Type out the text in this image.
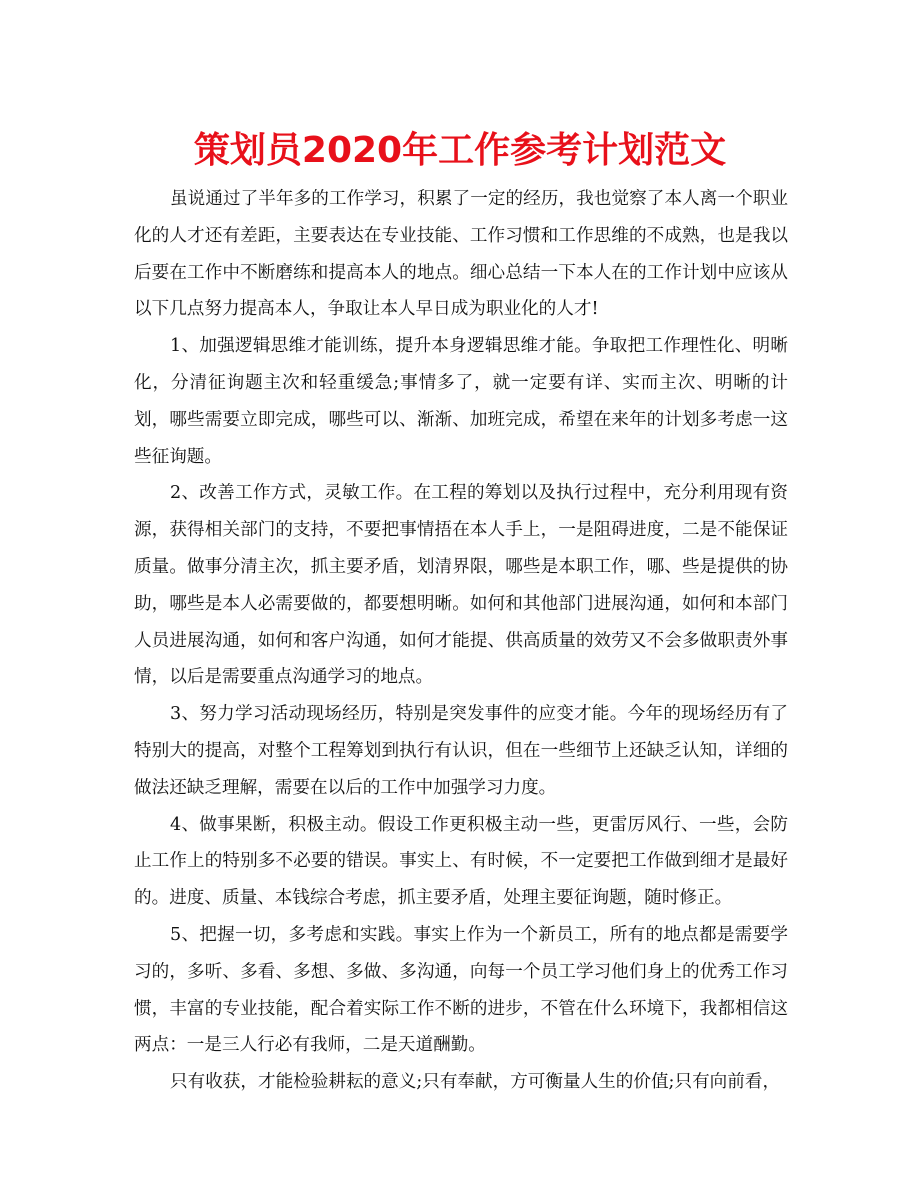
策划员2020年工作参考计划范文

虽说通过了半年多的工作学习，积累了一定的经历，我也觉察了本人离一个职业化的人才还有差距，主要表达在专业技能、工作习惯和工作思维的不成熟，也是我以后要在工作中不断磨练和提高本人的地点。细心总结一下本人在的工作计划中应该从以下几点努力提高本人，争取让本人早日成为职业化的人才!

1、加强逻辑思维才能训练，提升本身逻辑思维才能。争取把工作理性化、明晰化，分清征询题主次和轻重缓急;事情多了，就一定要有详、实而主次、明晰的计划，哪些需要立即完成，哪些可以、渐渐、加班完成，希望在来年的计划多考虑一这些征询题。

2、改善工作方式，灵敏工作。在工程的筹划以及执行过程中，充分利用现有资源，获得相关部门的支持，不要把事情捂在本人手上，一是阻碍进度，二是不能保证质量。做事分清主次，抓主要矛盾，划清界限，哪些是本职工作，哪、些是提供的协助，哪些是本人必需要做的，都要想明晰。如何和其他部门进展沟通，如何和本部门人员进展沟通，如何和客户沟通，如何才能提、供高质量的效劳又不会多做职责外事情，以后是需要重点沟通学习的地点。

3、努力学习活动现场经历，特别是突发事件的应变才能。今年的现场经历有了特别大的提高，对整个工程筹划到执行有认识，但在一些细节上还缺乏认知，详细的做法还缺乏理解，需要在以后的工作中加强学习力度。

4、做事果断，积极主动。假设工作更积极主动一些，更雷厉风行、一些，会防止工作上的特别多不必要的错误。事实上、有时候，不一定要把工作做到细才是最好的。进度、质量、本钱综合考虑，抓主要矛盾，处理主要征询题，随时修正。

5、把握一切，多考虑和实践。事实上作为一个新员工，所有的地点都是需要学习的，多听、多看、多想、多做、多沟通，向每一个员工学习他们身上的优秀工作习惯，丰富的专业技能，配合着实际工作不断的进步，不管在什么环境下，我都相信这两点：一是三人行必有我师，二是天道酬勤。

只有收获，才能检验耕耘的意义;只有奉献，方可衡量人生的价值;只有向前看，
